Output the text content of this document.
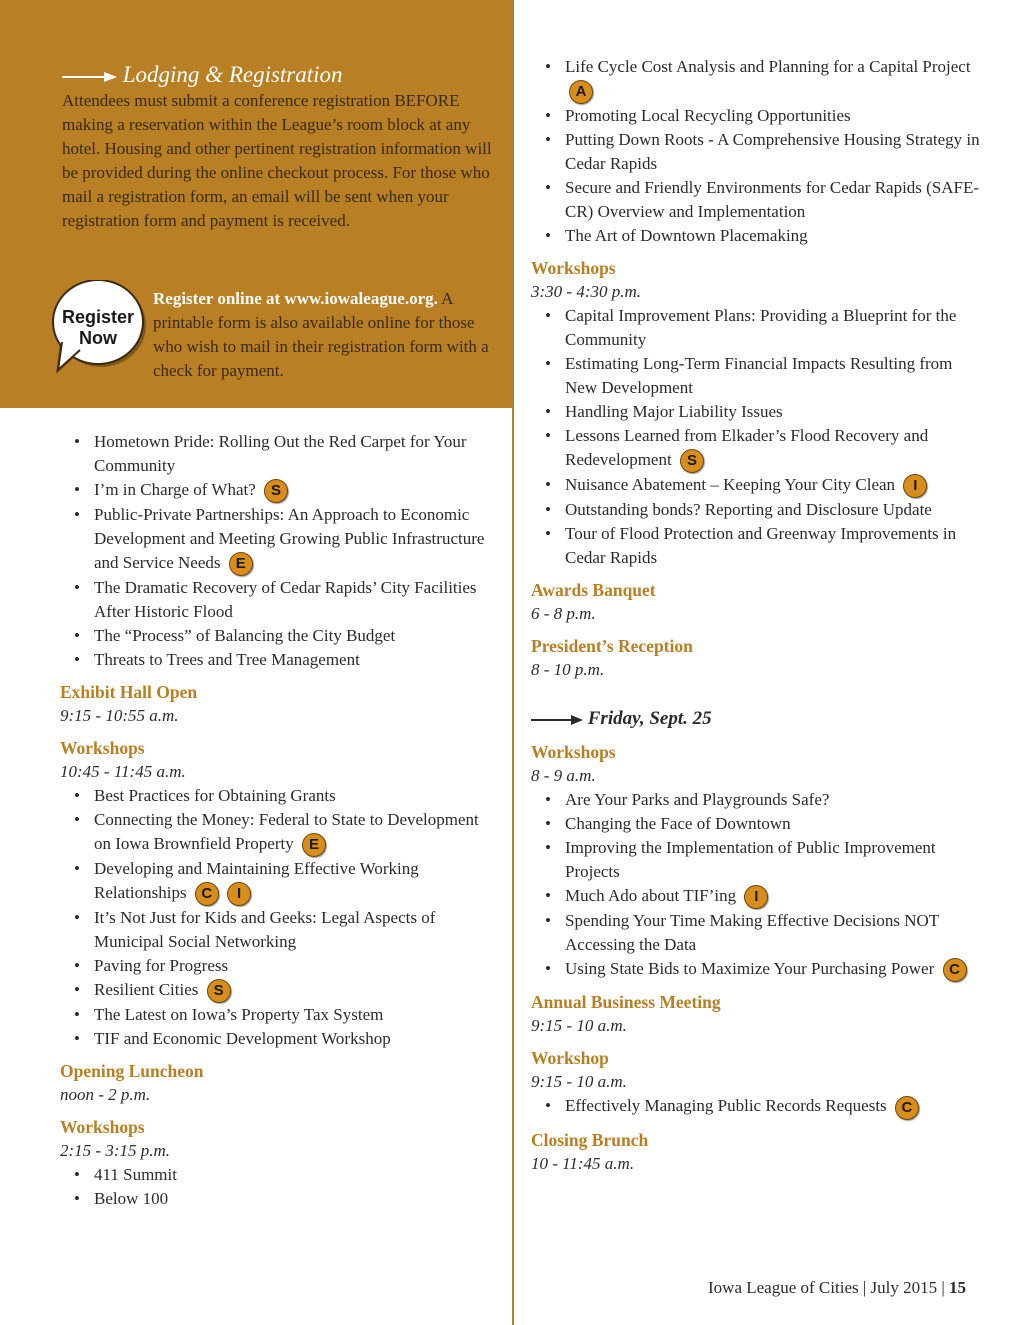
Lodging & Registration
Attendees must submit a conference registration BEFORE making a reservation within the League’s room block at any hotel. Housing and other pertinent registration information will be provided during the online checkout process. For those who mail a registration form, an email will be sent when your registration form and payment is received.
Register
Now
Register online at www.iowaleague.org. A printable form is also available online for those who wish to mail in their registration form with a check for payment.
• Hometown Pride: Rolling Out the Red Carpet for Your Community
• I’m in Charge of What? S
• Public-Private Partnerships: An Approach to Economic Development and Meeting Growing Public Infrastructure and Service Needs E
• The Dramatic Recovery of Cedar Rapids’ City Facilities After Historic Flood
• The “Process” of Balancing the City Budget
• Threats to Trees and Tree Management
Exhibit Hall Open
9:15 - 10:55 a.m.
Workshops
10:45 - 11:45 a.m.
• Best Practices for Obtaining Grants
• Connecting the Money: Federal to State to Development on Iowa Brownfield Property E
• Developing and Maintaining Effective Working Relationships C I
• It’s Not Just for Kids and Geeks: Legal Aspects of Municipal Social Networking
• Paving for Progress
• Resilient Cities S
• The Latest on Iowa’s Property Tax System
• TIF and Economic Development Workshop
Opening Luncheon
noon - 2 p.m.
Workshops
2:15 - 3:15 p.m.
• 411 Summit
• Below 100
• Life Cycle Cost Analysis and Planning for a Capital Project A
• Promoting Local Recycling Opportunities
• Putting Down Roots - A Comprehensive Housing Strategy in Cedar Rapids
• Secure and Friendly Environments for Cedar Rapids (SAFE-CR) Overview and Implementation
• The Art of Downtown Placemaking
Workshops
3:30 - 4:30 p.m.
• Capital Improvement Plans: Providing a Blueprint for the Community
• Estimating Long-Term Financial Impacts Resulting from New Development
• Handling Major Liability Issues
• Lessons Learned from Elkader’s Flood Recovery and Redevelopment S
• Nuisance Abatement – Keeping Your City Clean I
• Outstanding bonds? Reporting and Disclosure Update
• Tour of Flood Protection and Greenway Improvements in Cedar Rapids
Awards Banquet
6 - 8 p.m.
President’s Reception
8 - 10 p.m.
Friday, Sept. 25
Workshops
8 - 9 a.m.
• Are Your Parks and Playgrounds Safe?
• Changing the Face of Downtown
• Improving the Implementation of Public Improvement Projects
• Much Ado about TIF’ing I
• Spending Your Time Making Effective Decisions NOT Accessing the Data
• Using State Bids to Maximize Your Purchasing Power C
Annual Business Meeting
9:15 - 10 a.m.
Workshop
9:15 - 10 a.m.
• Effectively Managing Public Records Requests C
Closing Brunch
10 - 11:45 a.m.
Iowa League of Cities | July 2015 | 15
